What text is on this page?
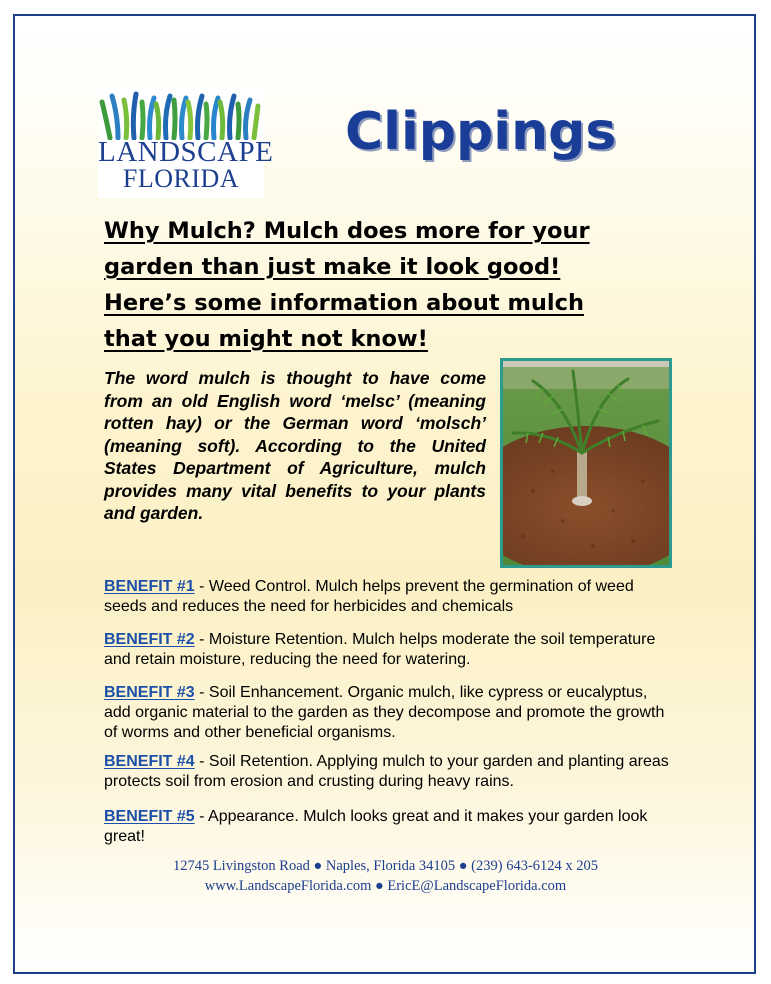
LANDSCAPE
FLORIDA
Clippings
Why Mulch? Mulch does more for your
garden than just make it look good!
Here’s some information about mulch
that you might not know!
The word mulch is thought to have come from an old English word ‘melsc’ (meaning rotten hay) or the German word ‘molsch’ (meaning soft). According to the United States Department of Agriculture, mulch provides many vital benefits to your plants and garden.
BENEFIT #1 - Weed Control. Mulch helps prevent the germination of weed seeds and reduces the need for herbicides and chemicals
BENEFIT #2 - Moisture Retention. Mulch helps moderate the soil temperature and retain moisture, reducing the need for watering.
BENEFIT #3 - Soil Enhancement. Organic mulch, like cypress or eucalyptus, add organic material to the garden as they decompose and promote the growth of worms and other beneficial organisms.
BENEFIT #4 - Soil Retention. Applying mulch to your garden and planting areas protects soil from erosion and crusting during heavy rains.
BENEFIT #5 - Appearance. Mulch looks great and it makes your garden look great!
12745 Livingston Road ● Naples, Florida 34105 ● (239) 643-6124 x 205
www.LandscapeFlorida.com ● EricE@LandscapeFlorida.com
